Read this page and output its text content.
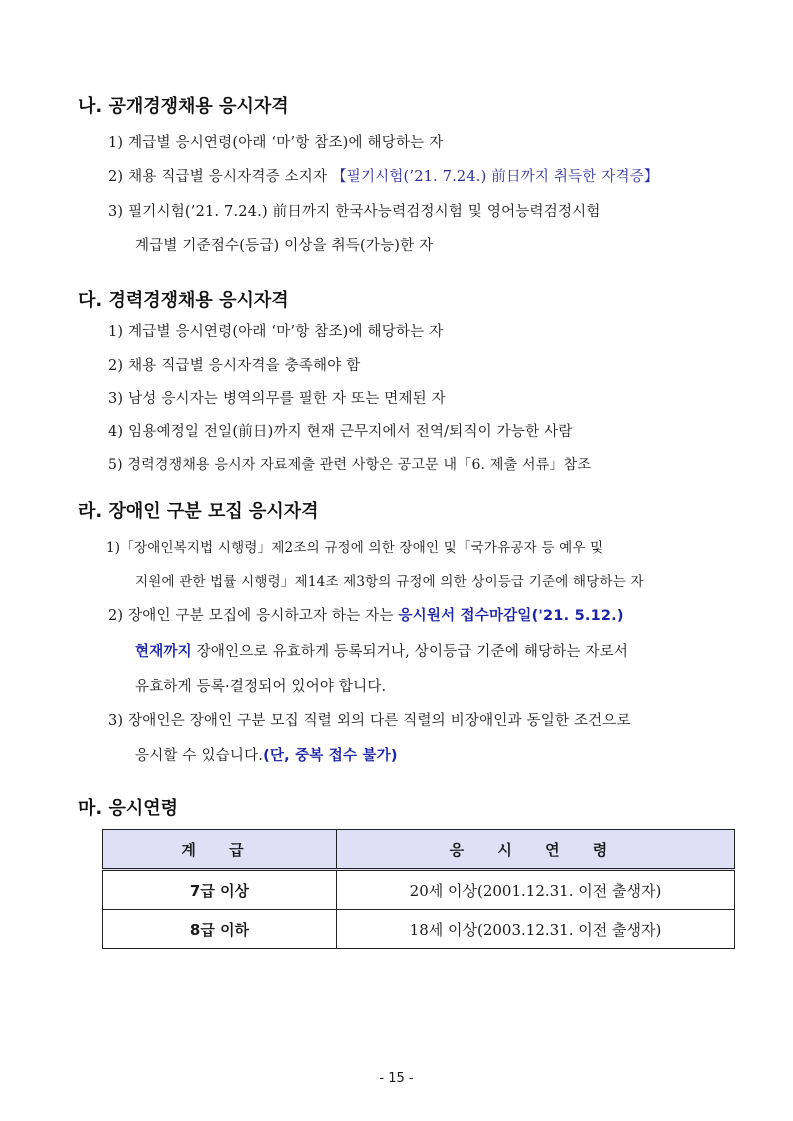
나. 공개경쟁채용 응시자격
1) 계급별 응시연령(아래 ‘마’항 참조)에 해당하는 자
2) 채용 직급별 응시자격증 소지자 【필기시험(’21. 7.24.) 前日까지 취득한 자격증】
3) 필기시험(’21. 7.24.) 前日까지 한국사능력검정시험 및 영어능력검정시험
계급별 기준점수(등급) 이상을 취득(가능)한 자
다. 경력경쟁채용 응시자격
1) 계급별 응시연령(아래 ‘마’항 참조)에 해당하는 자
2) 채용 직급별 응시자격을 충족해야 함
3) 남성 응시자는 병역의무를 필한 자 또는 면제된 자
4) 임용예정일 전일(前日)까지 현재 근무지에서 전역/퇴직이 가능한 사람
5) 경력경쟁채용 응시자 자료제출 관련 사항은 공고문 내「6. 제출 서류」참조
라. 장애인 구분 모집 응시자격
1)「장애인복지법 시행령」제2조의 규정에 의한 장애인 및「국가유공자 등 예우 및
지원에 관한 법률 시행령」제14조 제3항의 규정에 의한 상이등급 기준에 해당하는 자
2) 장애인 구분 모집에 응시하고자 하는 자는 응시원서 접수마감일('21. 5.12.)
현재까지 장애인으로 유효하게 등록되거나, 상이등급 기준에 해당하는 자로서
유효하게 등록·결정되어 있어야 합니다.
3) 장애인은 장애인 구분 모집 직렬 외의 다른 직렬의 비장애인과 동일한 조건으로
응시할 수 있습니다.(단, 중복 접수 불가)
마. 응시연령
계 급	응 시 연 령
7급 이상	20세 이상(2001.12.31. 이전 출생자)
8급 이하	18세 이상(2003.12.31. 이전 출생자)
- 15 -
